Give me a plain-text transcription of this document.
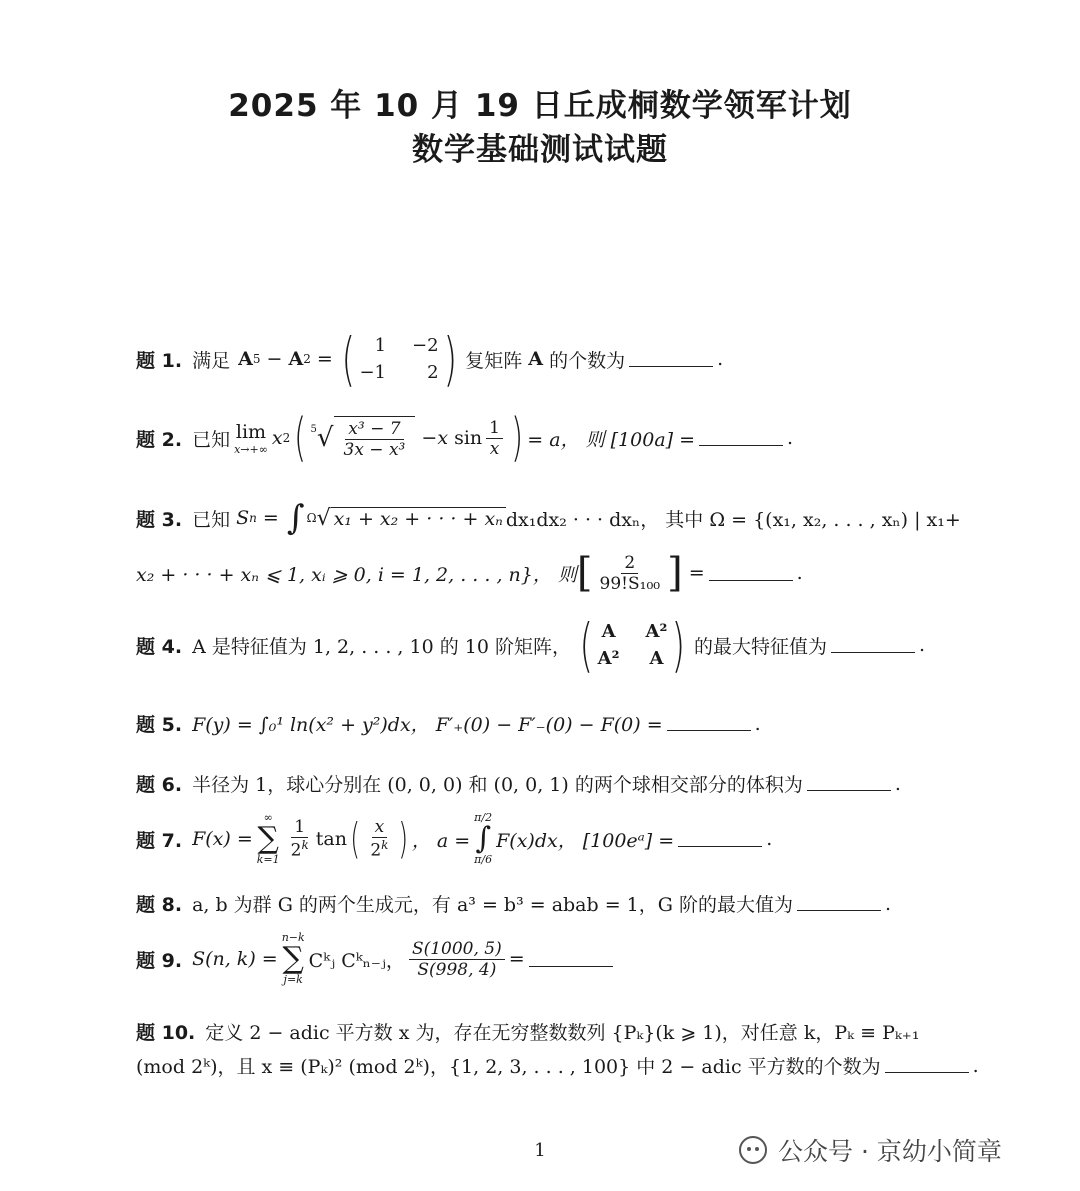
2025 年 10 月 19 日丘成桐数学领军计划
数学基础测试试题
题 1. 满足 A 5 − A 2 = (	1 −2
−1	2 ) 复矩阵
A
的个数为	.
题 2. 已知 lim
x→+∞ x 2 ( 5 √ $\frac{\text{x³ − 7}}{\text{3x − x³}} - x$ $\sin \frac{1}{x}$ ) = a， 则 [100a] =	.
题 3. 已知
S n = ∫ Ω √ x₁ + x₂ + · · · + xₙ dx₁dx₂ · · · dxₙ， 其中 Ω = {(x₁, x₂, . . . , xₙ) | x₁+
x₂ + · · · + xₙ ⩽ 1, xᵢ ⩾ 0, i = 1, 2, . . . , n}， 则 [ $\frac{2}{\text{99!S₁₀₀}}$ ] =	.
题 4. A 是特征值为 1, 2, . . . , 10 的 10 阶矩阵， ( A A²
A² A ) 的最大特征值为	.
题 5. F(y) = ∫₀¹ ln(x² + y²)dx， F′₊(0) − F′₋(0) − F(0) =	.
题 6. 半径为 1，球心分别在 (0, 0, 0) 和 (0, 0, 1) 的两个球相交部分的体积为	.
题 7. F(x) =
∞
∑
$k=1 \frac{1}{2^k}$ tan ( $\frac{x}{2^k}$ ) ， a =
π/2
∫
π/6
F(x)dx， [100eᵃ] =	.
题 8. a, b 为群 G 的两个生成元，有 a³ = b³ = abab = 1，G 阶的最大值为	.
题 9. S(n, k) =
n−k
∑
j=k
Cᵏⱼ Cᵏₙ₋ⱼ， $\frac{S(1000, 5)}{S(998, 4)}$ =
题 10. 定义 2 − adic 平方数 x 为，存在无穷整数数列 {Pₖ}(k ⩾ 1)，对任意 k，Pₖ ≡ Pₖ₊₁
(mod 2ᵏ)，且 x ≡ (Pₖ)² (mod 2ᵏ)，{1, 2, 3, . . . , 100} 中 2 − adic 平方数的个数为	.
1	公众号 · 京幼小简章
